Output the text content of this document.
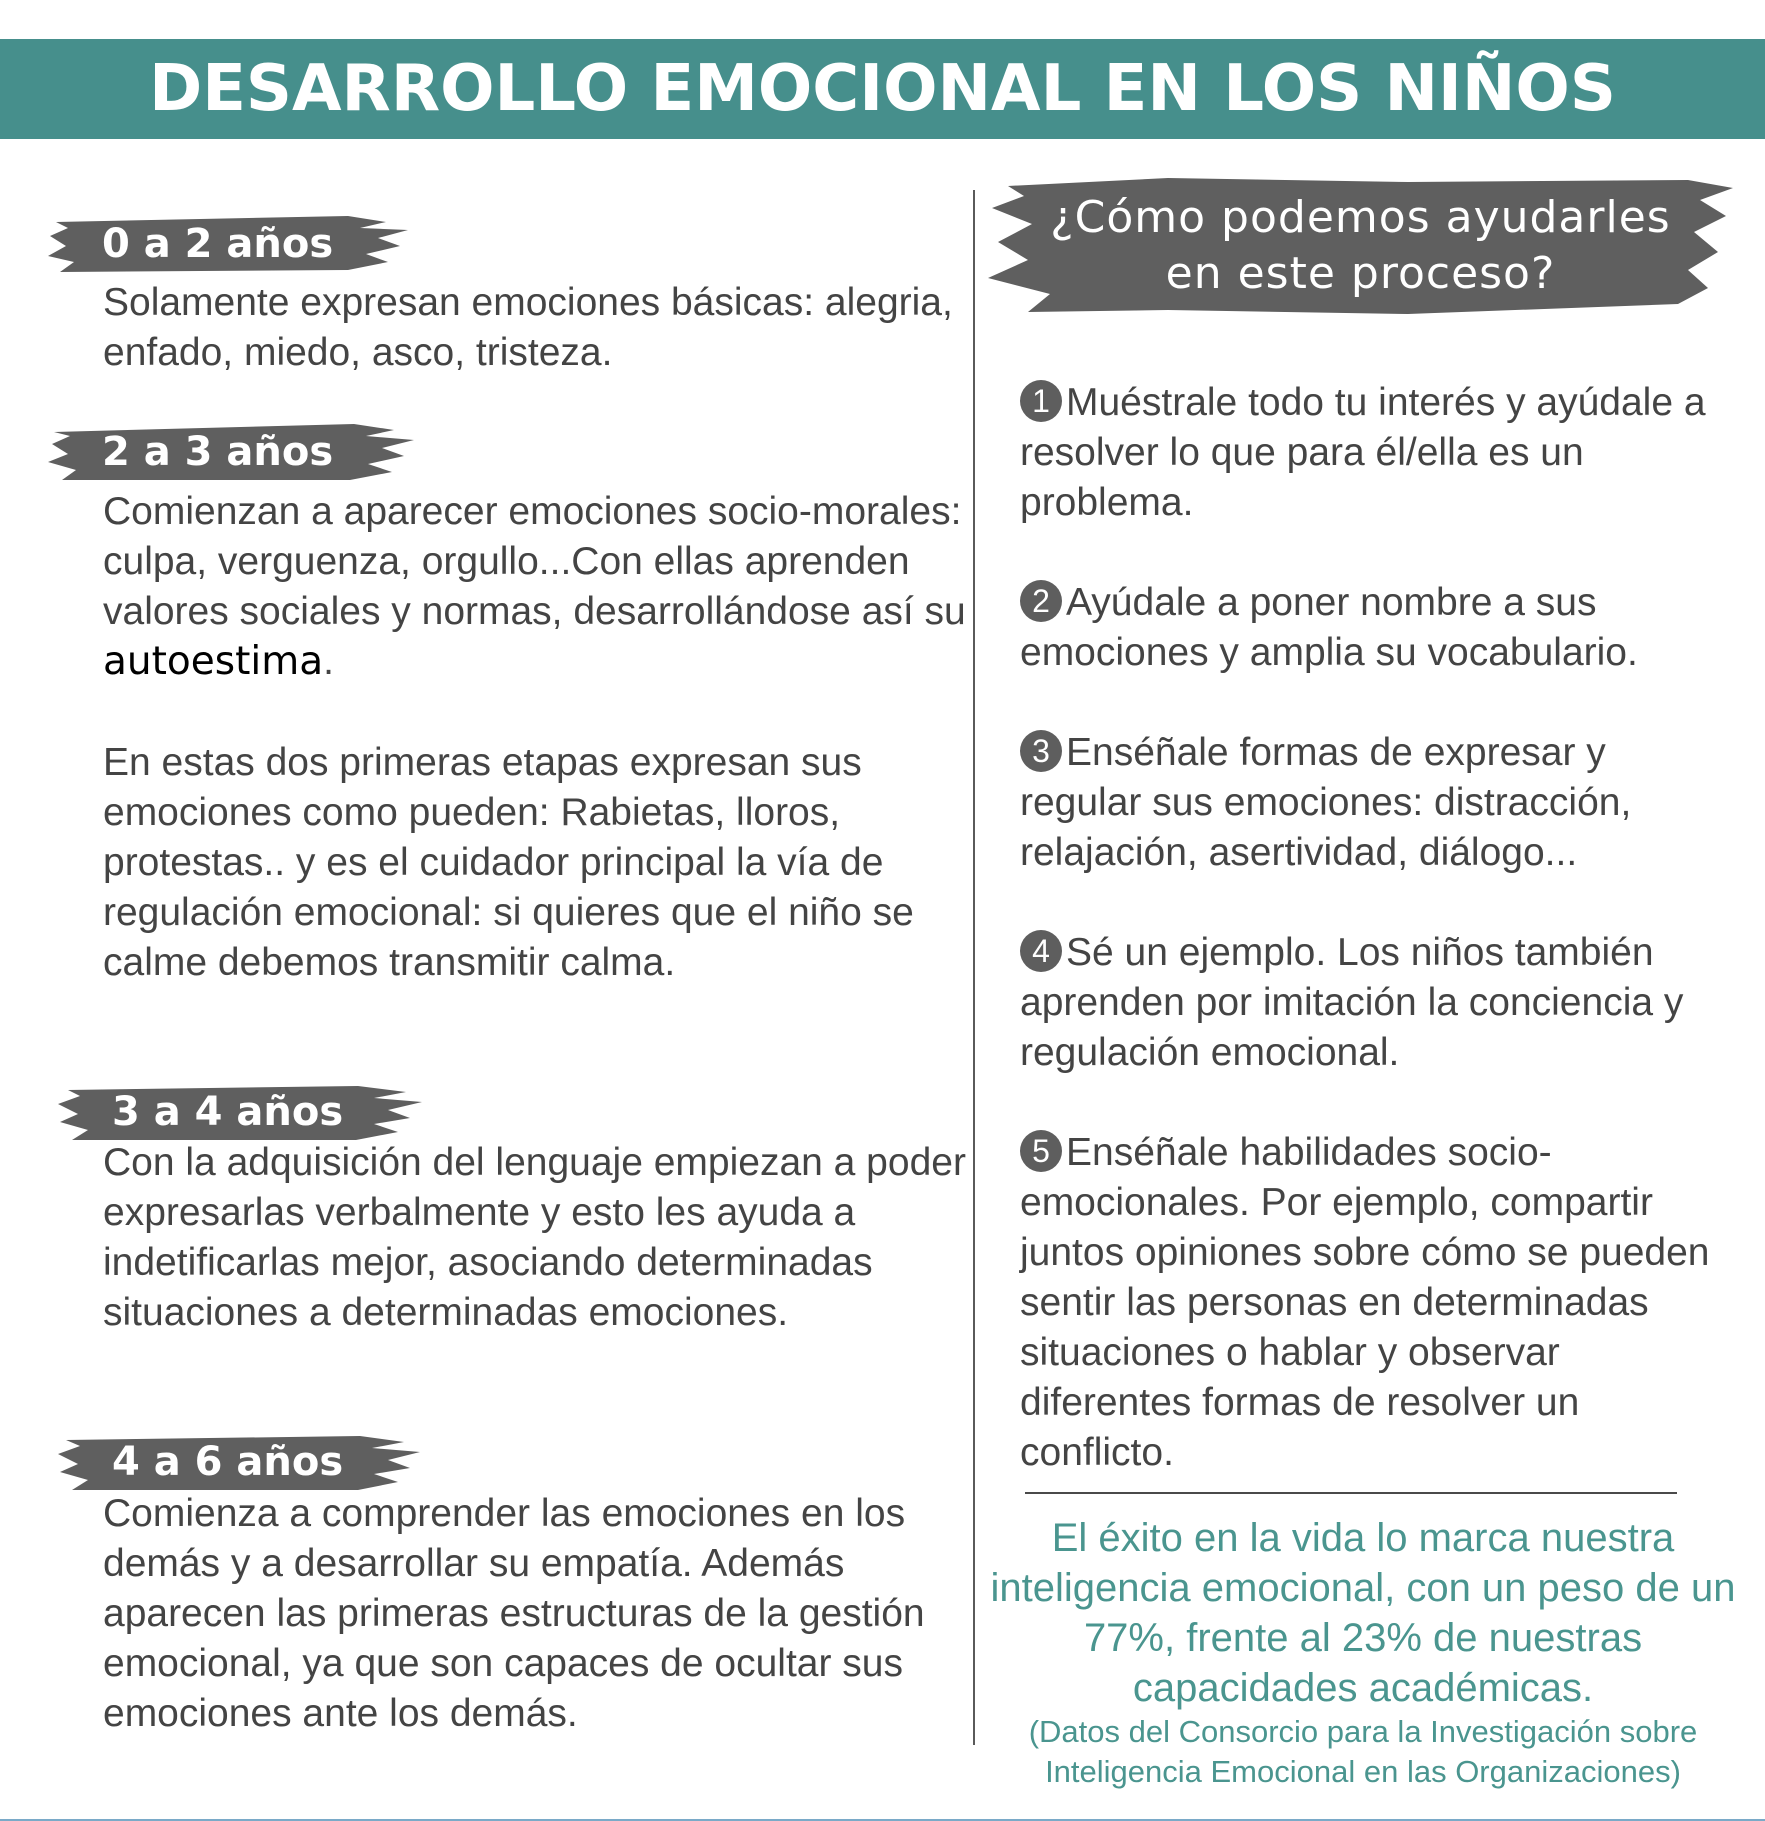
DESARROLLO EMOCIONAL EN LOS NIÑOS
0 a 2 años

Solamente expresan emociones básicas: alegria, enfado, miedo, asco, tristeza.

2 a 3 años

Comienzan a aparecer emociones socio-morales: culpa, verguenza, orgullo...Con ellas aprenden valores sociales y normas, desarrollándose así su autoestima.

En estas dos primeras etapas expresan sus emociones como pueden: Rabietas, lloros, protestas.. y es el cuidador principal la vía de regulación emocional: si quieres que el niño se calme debemos transmitir calma.

3 a 4 años

Con la adquisición del lenguaje empiezan a poder expresarlas verbalmente y esto les ayuda a indetificarlas mejor, asociando determinadas situaciones a determinadas emociones.

4 a 6 años

Comienza a comprender las emociones en los demás y a desarrollar su empatía. Además aparecen las primeras estructuras de la gestión emocional, ya que son capaces de ocultar sus emociones ante los demás.

¿Cómo podemos ayudarles
en este proceso?
1 Muéstrale todo tu interés y ayúdale a resolver lo que para él/ella es un problema.
2 Ayúdale a poner nombre a sus emociones y amplia su vocabulario.
3 Enséñale formas de expresar y regular sus emociones: distracción, relajación, asertividad, diálogo...
4 Sé un ejemplo. Los niños también aprenden por imitación la conciencia y regulación emocional.
5 Enséñale habilidades socio-emocionales. Por ejemplo, compartir juntos opiniones sobre cómo se pueden sentir las personas en determinadas situaciones o hablar y observar diferentes formas de resolver un conflicto.

El éxito en la vida lo marca nuestra inteligencia emocional, con un peso de un 77%, frente al 23% de nuestras capacidades académicas.

(Datos del Consorcio para la Investigación sobre Inteligencia Emocional en las Organizaciones)
